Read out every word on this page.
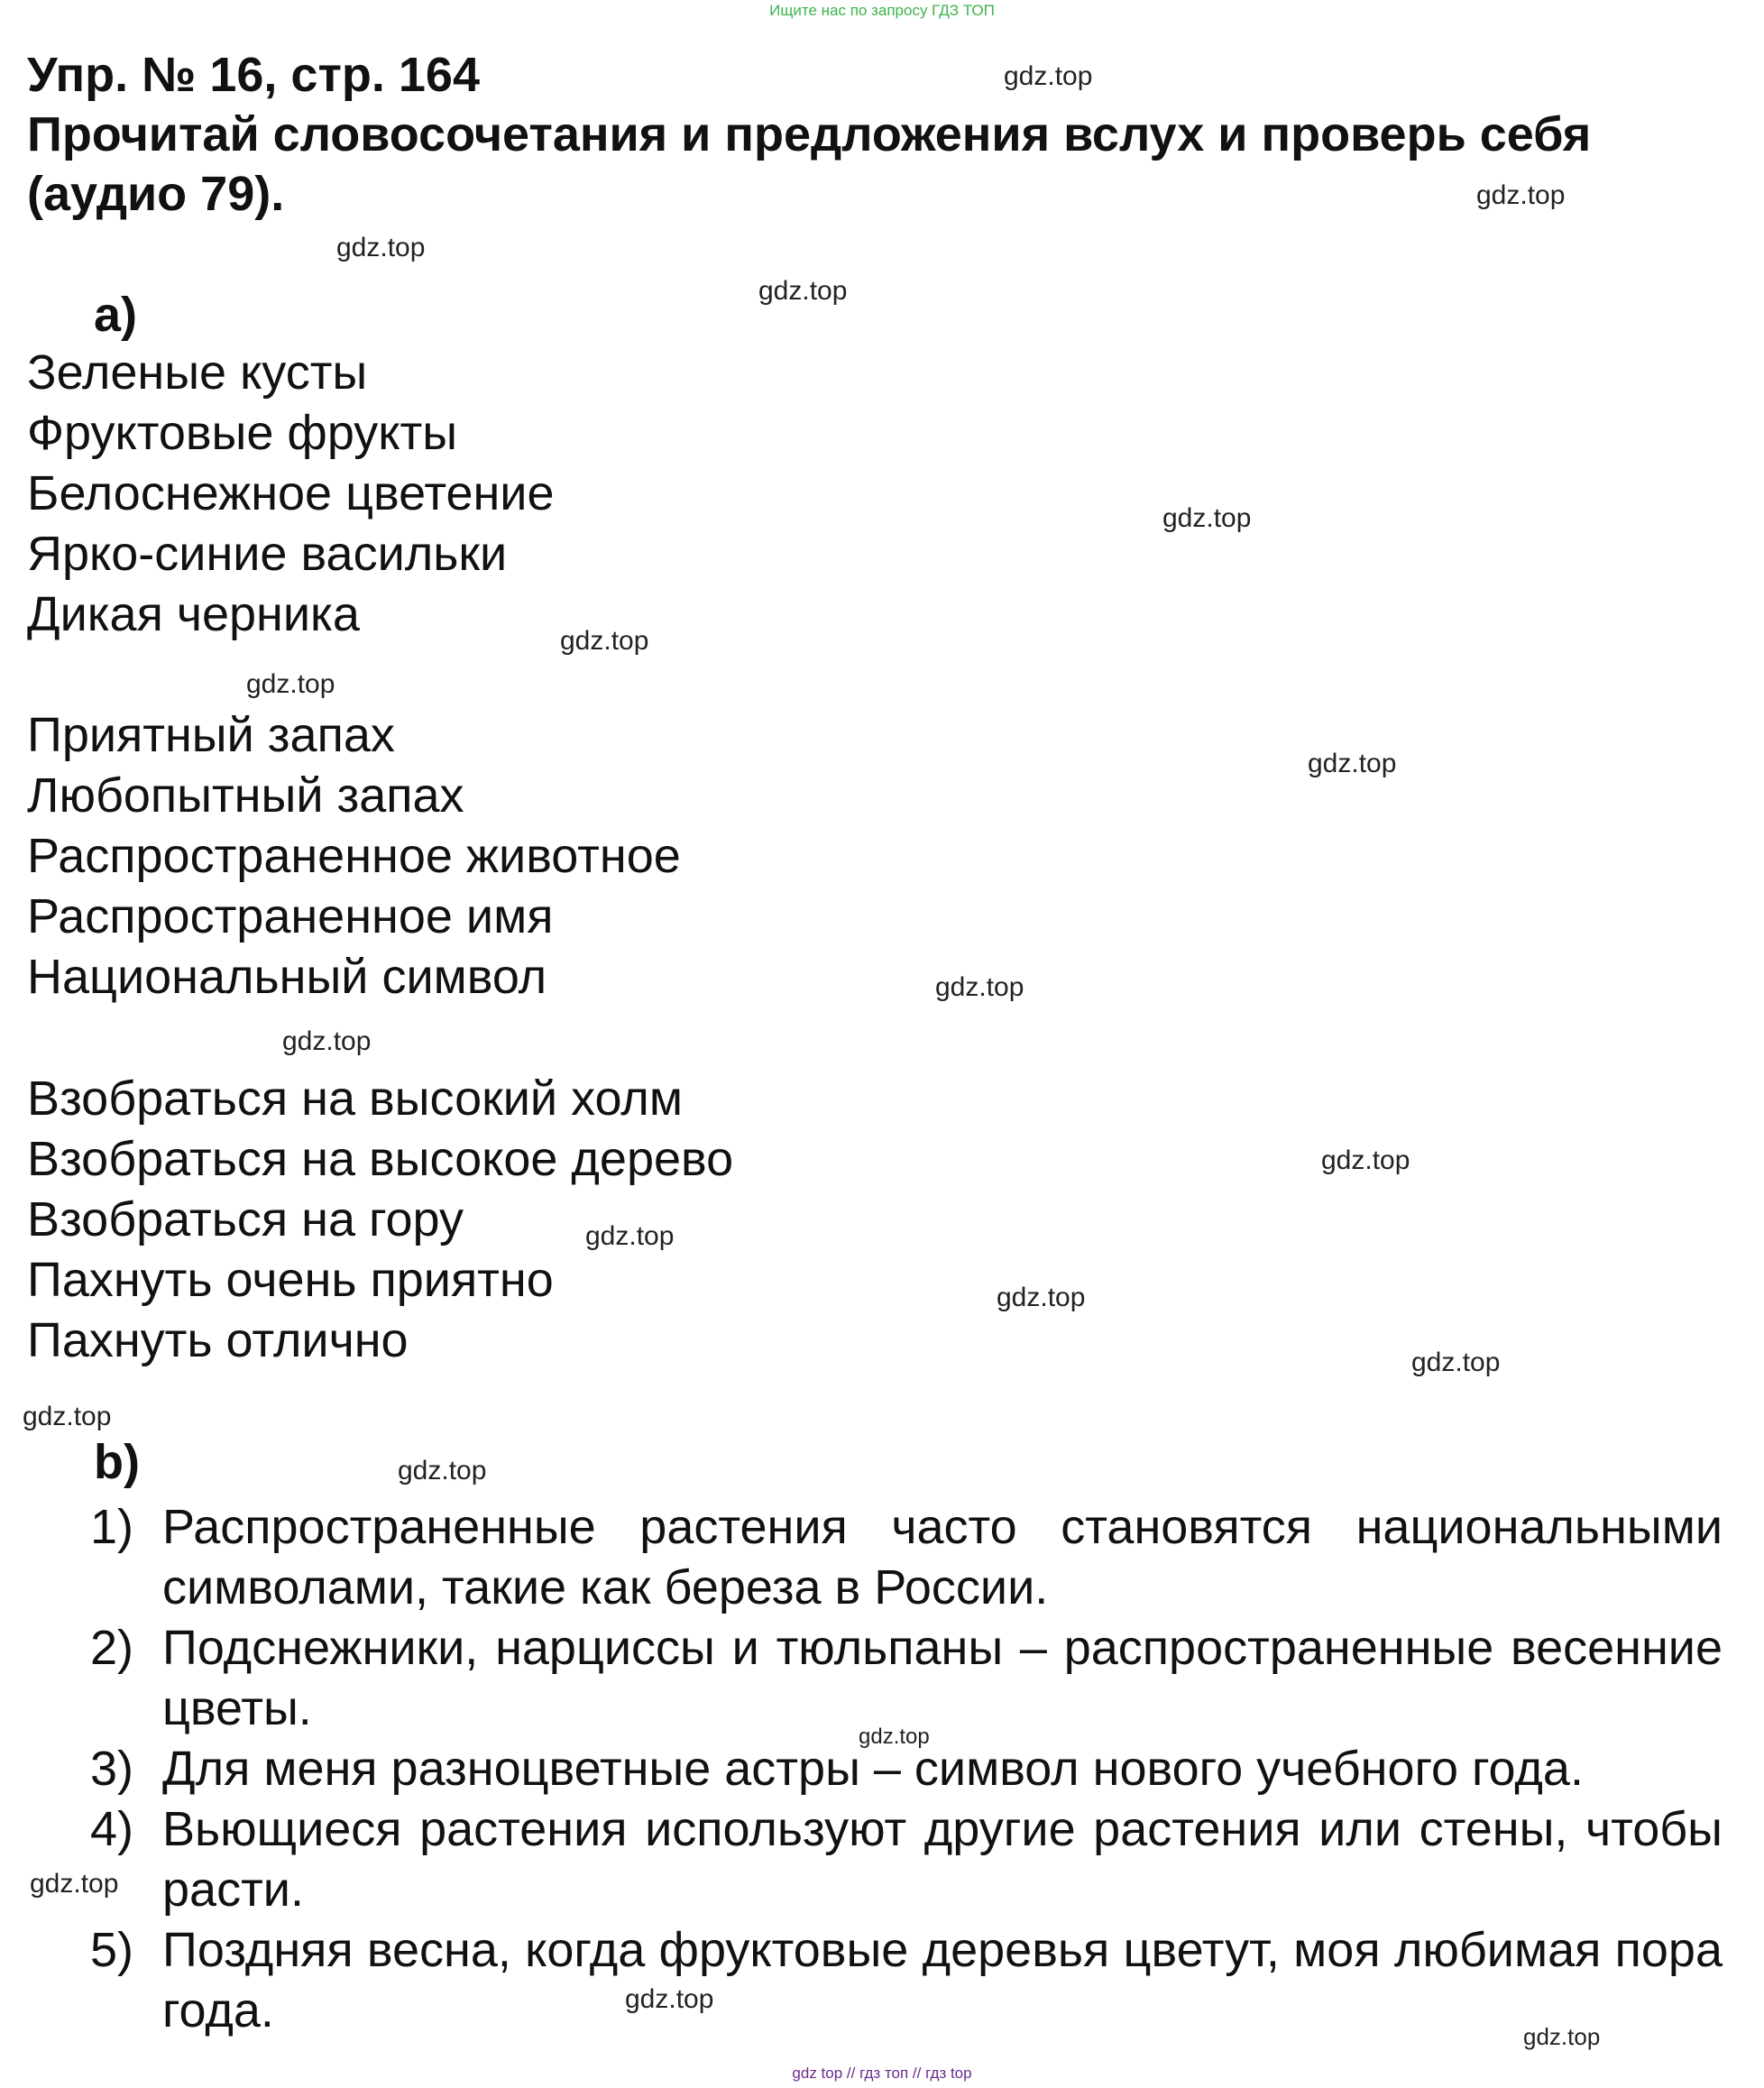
Ищите нас по запросу ГДЗ ТОП
Упр. № 16, стр. 164
Прочитай словосочетания и предложения вслух и проверь себя
(аудио 79).
a)
Зеленые кусты
Фруктовые фрукты
Белоснежное цветение
Ярко-синие васильки
Дикая черника
Приятный запах
Любопытный запах
Распространенное животное
Распространенное имя
Национальный символ
Взобраться на высокий холм
Взобраться на высокое дерево
Взобраться на гору
Пахнуть очень приятно
Пахнуть отлично
b)
1) Распространенные растения часто становятся национальными символами, такие как береза в России.
2) Подснежники, нарциссы и тюльпаны – распространенные весенние цветы.
3) Для меня разноцветные астры – символ нового учебного года.
4) Вьющиеся растения используют другие растения или стены, чтобы расти.
5) Поздняя весна, когда фруктовые деревья цветут, моя любимая пора года.
gdz.top
gdz.top
gdz.top
gdz.top
gdz.top
gdz.top
gdz.top
gdz.top
gdz.top
gdz.top
gdz.top
gdz.top
gdz.top
gdz.top
gdz.top
gdz.top
gdz.top
gdz.top
gdz.top
gdz.top
gdz top // гдз топ // гдз top
